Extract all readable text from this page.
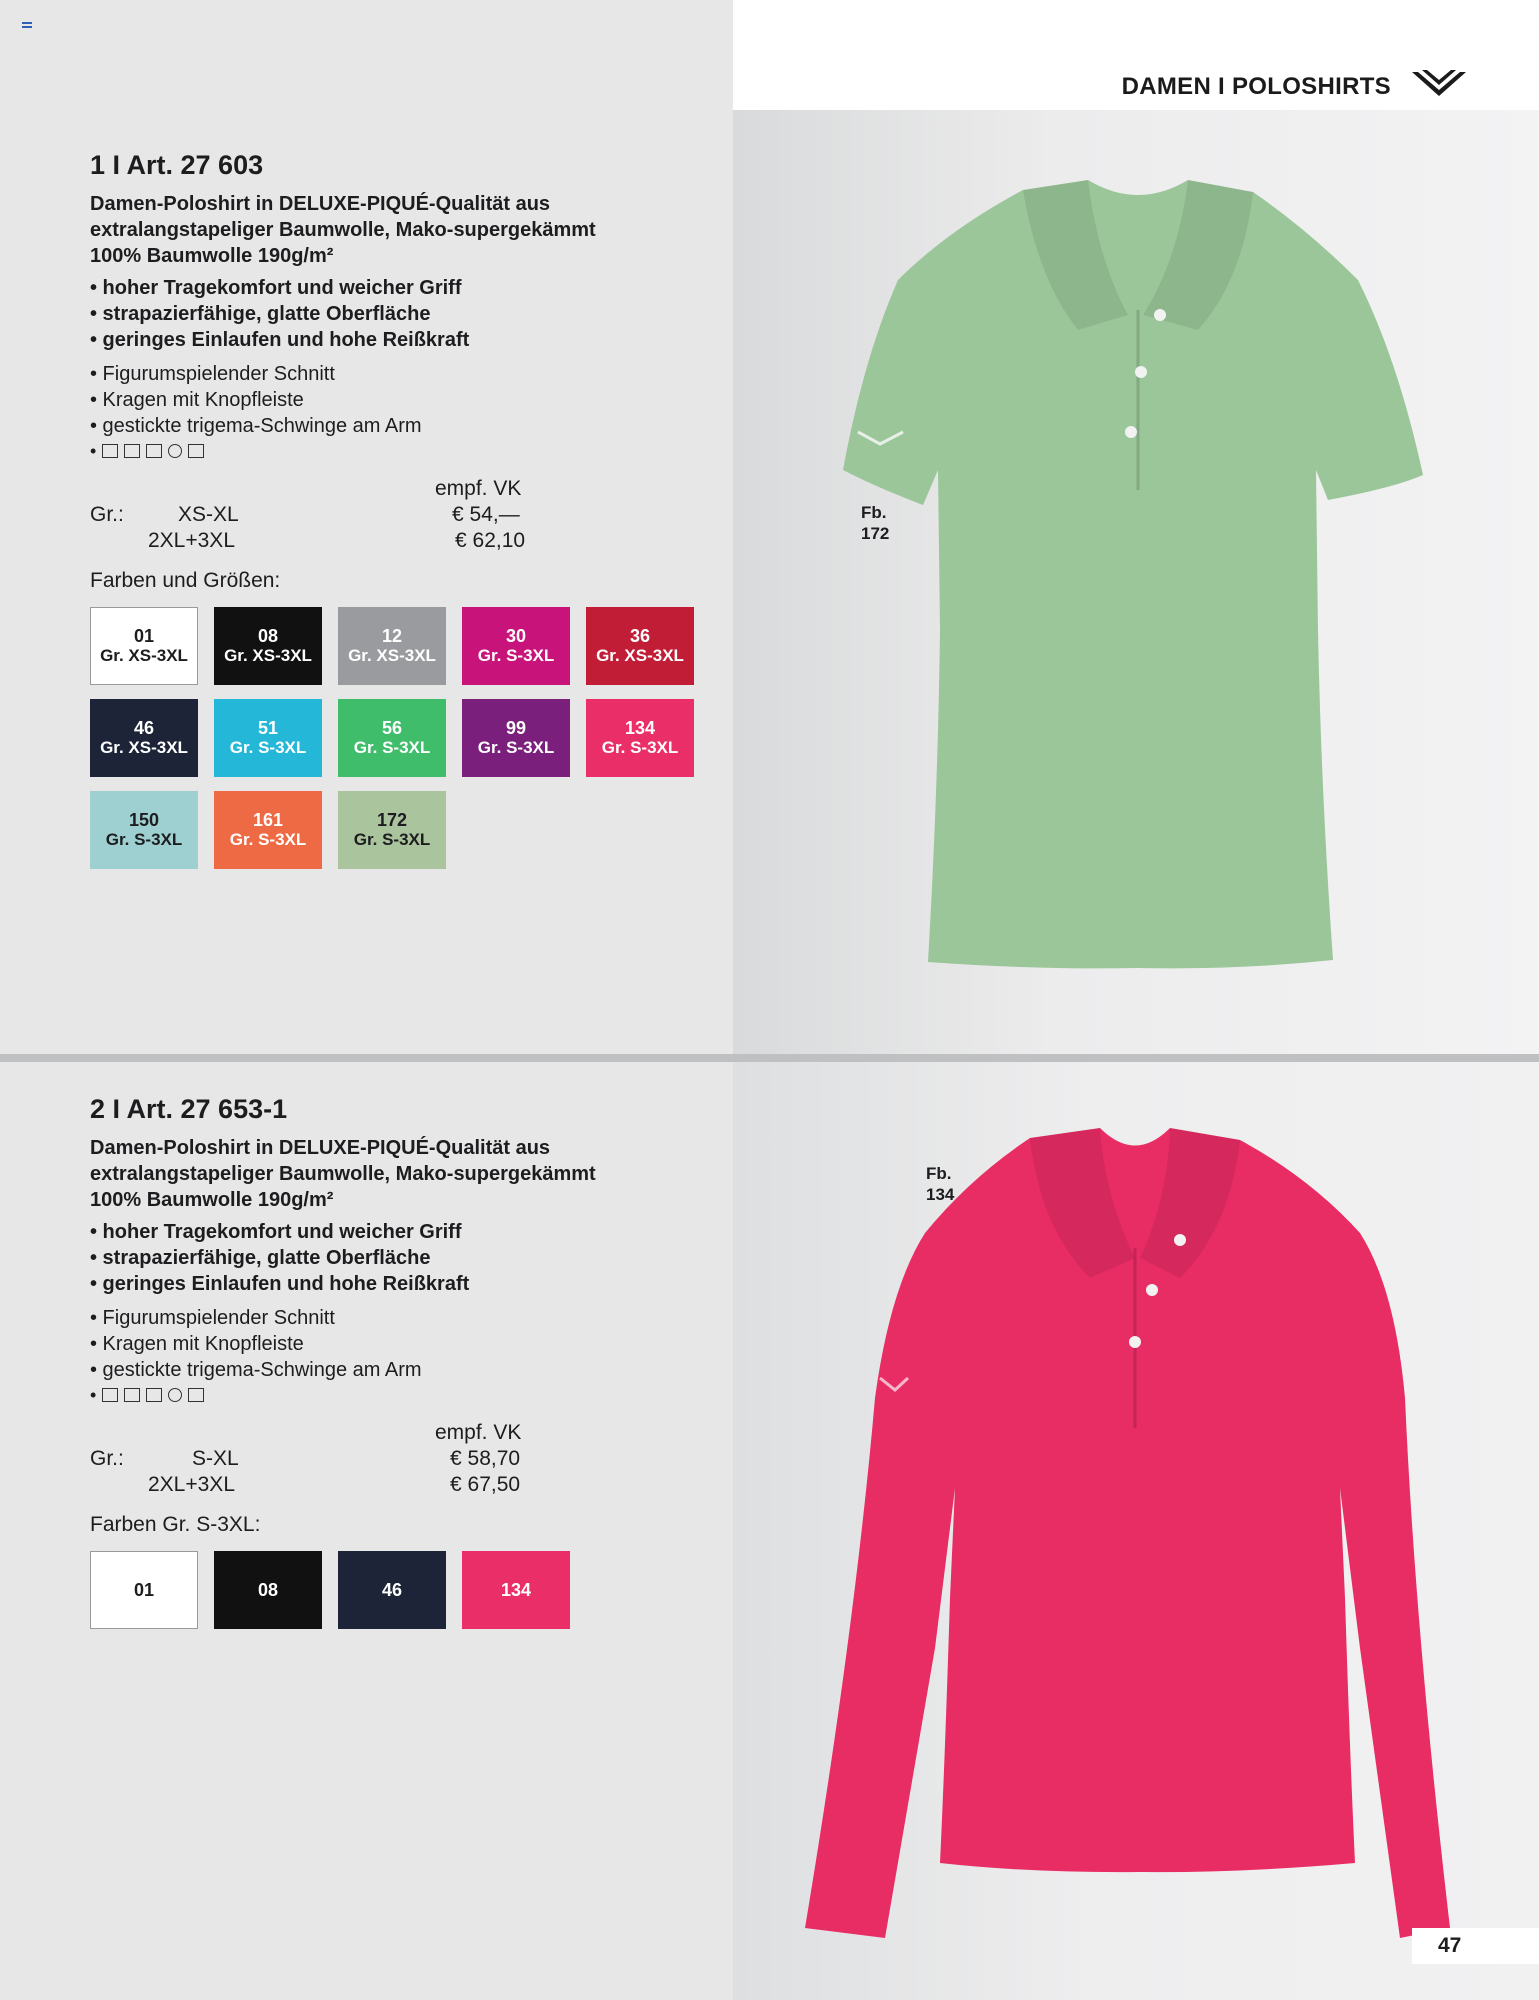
DAMEN I POLOSHIRTS
1 I Art. 27 603
Damen-Poloshirt in DELUXE-PIQUÉ-Qualität aus
extralangstapeliger Baumwolle, Mako-supergekämmt
100% Baumwolle 190g/m²
• hoher Tragekomfort und weicher Griff
• strapazierfähige, glatte Oberfläche
• geringes Einlaufen und hohe Reißkraft
• Figurumspielender Schnitt
• Kragen mit Knopfleiste
• gestickte trigema-Schwinge am Arm
•
empf. VK
Gr.:	XS-XL	€ 54,—
2XL+3XL	€ 62,10
Farben und Größen:
01
Gr. XS-3XL
08
Gr. XS-3XL
12
Gr. XS-3XL
30
Gr. S-3XL
36
Gr. XS-3XL
46
Gr. XS-3XL
51
Gr. S-3XL
56
Gr. S-3XL
99
Gr. S-3XL
134
Gr. S-3XL
150
Gr. S-3XL
161
Gr. S-3XL
172
Gr. S-3XL
2 I Art. 27 653-1
Damen-Poloshirt in DELUXE-PIQUÉ-Qualität aus
extralangstapeliger Baumwolle, Mako-supergekämmt
100% Baumwolle 190g/m²
• hoher Tragekomfort und weicher Griff
• strapazierfähige, glatte Oberfläche
• geringes Einlaufen und hohe Reißkraft
• Figurumspielender Schnitt
• Kragen mit Knopfleiste
• gestickte trigema-Schwinge am Arm
•
empf. VK
Gr.:	S-XL	€ 58,70
2XL+3XL	€ 67,50
Farben Gr. S-3XL:
01	08	46	134
Fb.
172
Fb.
134
47
